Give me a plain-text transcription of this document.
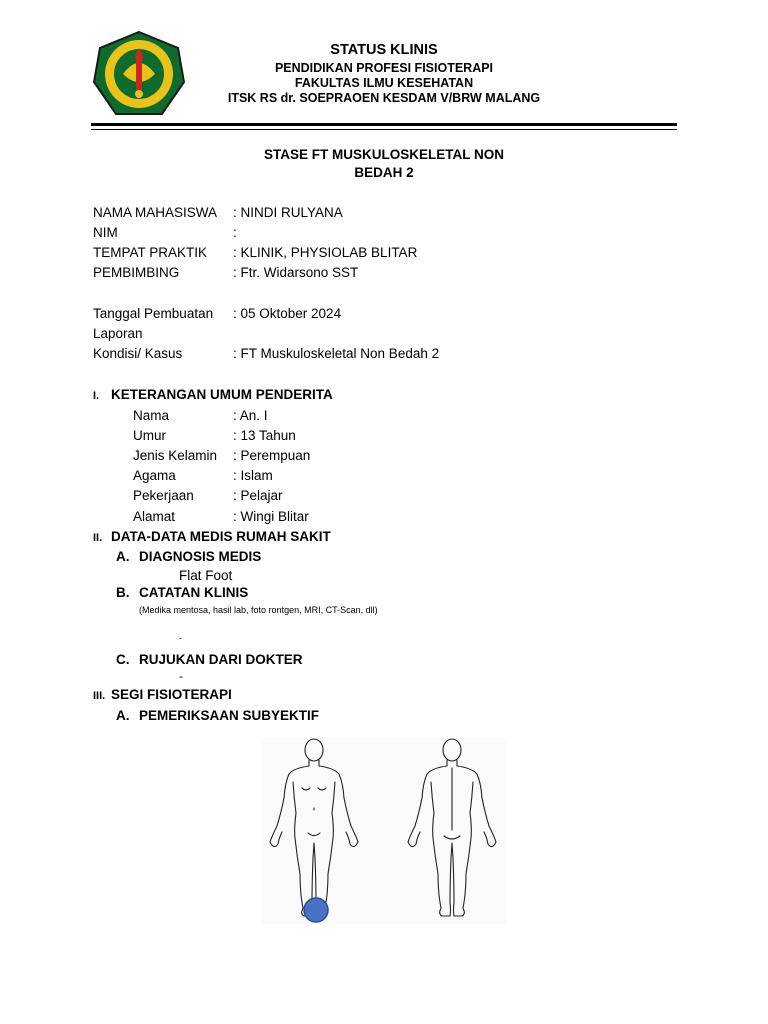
STATUS KLINIS
PENDIDIKAN PROFESI FISIOTERAPI
FAKULTAS ILMU KESEHATAN
ITSK RS dr. SOEPRAOEN KESDAM V/BRW MALANG
STASE FT MUSKULOSKELETAL NON
BEDAH 2
NAMA MAHASISWA : NINDI RULYANA
NIM	:
TEMPAT PRAKTIK : KLINIK, PHYSIOLAB BLITAR
PEMBIMBING	: Ftr. Widarsono SST
Tanggal Pembuatan : 05 Oktober 2024
Laporan
Kondisi/ Kasus	: FT Muskuloskeletal Non Bedah 2
I. KETERANGAN UMUM PENDERITA
Nama	: An. I
Umur	: 13 Tahun
Jenis Kelamin : Perempuan
Agama	: Islam
Pekerjaan	: Pelajar
Alamat	: Wingi Blitar
II. DATA-DATA MEDIS RUMAH SAKIT
A. DIAGNOSIS MEDIS
Flat Foot
B. CATATAN KLINIS
(Medika mentosa, hasil lab, foto rontgen, MRI, CT-Scan, dll)
-
C. RUJUKAN DARI DOKTER
-
III. SEGI FISIOTERAPI
A. PEMERIKSAAN SUBYEKTIF
